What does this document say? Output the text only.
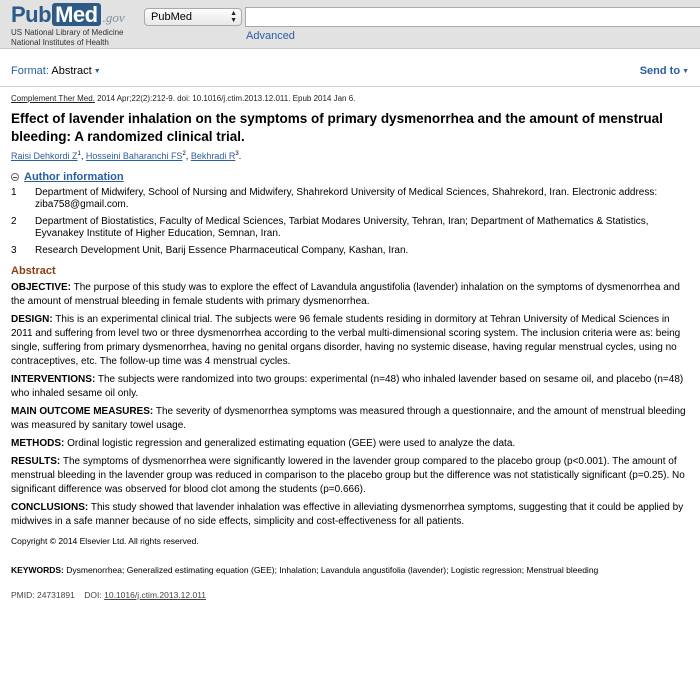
Pub Med .gov
US National Library of Medicine
National Institutes of Health
PubMed	▲
▼
Advanced
Format: Abstract ▼	Send to ▼
Complement Ther Med. 2014 Apr;22(2):212-9. doi: 10.1016/j.ctim.2013.12.011. Epub 2014 Jan 6.
Effect of lavender inhalation on the symptoms of primary dysmenorrhea and the amount of menstrual bleeding: A randomized clinical trial.
Raisi Dehkordi $Z^1$, Hosseini Baharanchi $FS^2$, Bekhradi $R^3$.
Author information
1	Department of Midwifery, School of Nursing and Midwifery, Shahrekord University of Medical Sciences, Shahrekord, Iran. Electronic address: ziba758@gmail.com.
2	Department of Biostatistics, Faculty of Medical Sciences, Tarbiat Modares University, Tehran, Iran; Department of Mathematics & Statistics, Eyvanakey Institute of Higher Education, Semnan, Iran.
3	Research Development Unit, Barij Essence Pharmaceutical Company, Kashan, Iran.
Abstract

OBJECTIVE: The purpose of this study was to explore the effect of Lavandula angustifolia (lavender) inhalation on the symptoms of dysmenorrhea and the amount of menstrual bleeding in female students with primary dysmenorrhea.

DESIGN: This is an experimental clinical trial. The subjects were 96 female students residing in dormitory at Tehran University of Medical Sciences in 2011 and suffering from level two or three dysmenorrhea according to the verbal multi-dimensional scoring system. The inclusion criteria were as: being single, suffering from primary dysmenorrhea, having no genital organs disorder, having no systemic disease, having regular menstrual cycles, using no contraceptives, etc. The follow-up time was 4 menstrual cycles.

INTERVENTIONS: The subjects were randomized into two groups: experimental (n=48) who inhaled lavender based on sesame oil, and placebo (n=48) who inhaled sesame oil only.

MAIN OUTCOME MEASURES: The severity of dysmenorrhea symptoms was measured through a questionnaire, and the amount of menstrual bleeding was measured by sanitary towel usage.

METHODS: Ordinal logistic regression and generalized estimating equation (GEE) were used to analyze the data.

RESULTS: The symptoms of dysmenorrhea were significantly lowered in the lavender group compared to the placebo group (p<0.001). The amount of menstrual bleeding in the lavender group was reduced in comparison to the placebo group but the difference was not statistically significant (p=0.25). No significant difference was observed for blood clot among the students (p=0.666).

CONCLUSIONS: This study showed that lavender inhalation was effective in alleviating dysmenorrhea symptoms, suggesting that it could be applied by midwives in a safe manner because of no side effects, simplicity and cost-effectiveness for all patients.

Copyright © 2014 Elsevier Ltd. All rights reserved.
KEYWORDS: Dysmenorrhea; Generalized estimating equation (GEE); Inhalation; Lavandula angustifolia (lavender); Logistic regression; Menstrual bleeding
PMID: 24731891 DOI: 10.1016/j.ctim.2013.12.011
